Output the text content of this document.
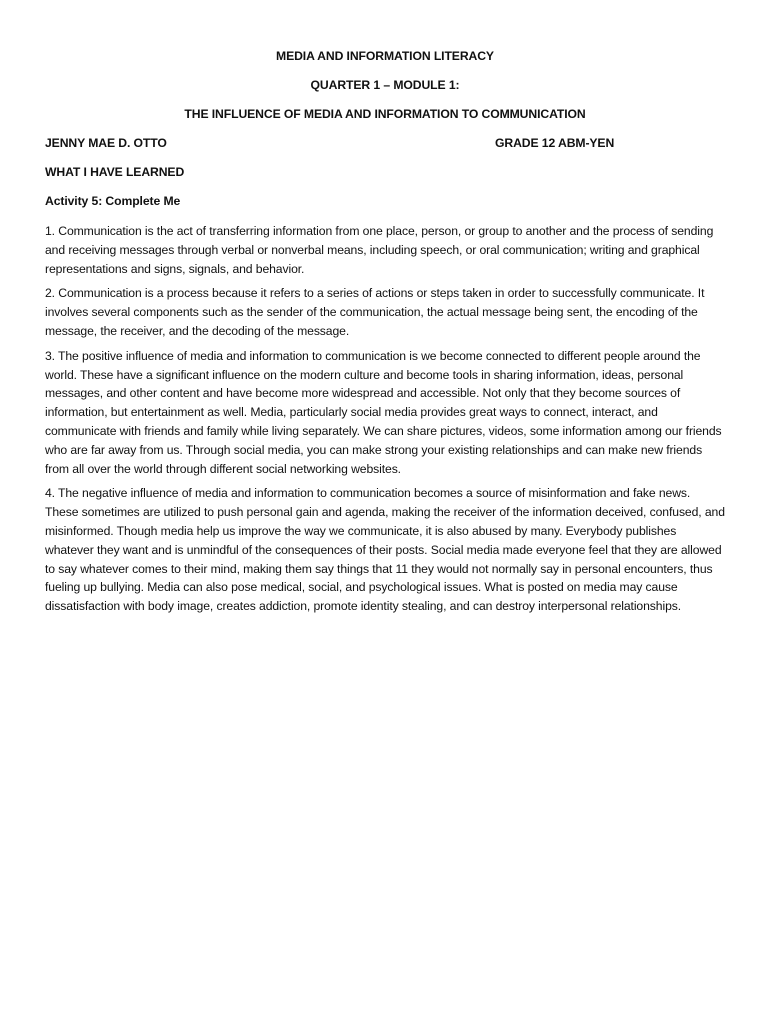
MEDIA AND INFORMATION LITERACY

QUARTER 1 – MODULE 1:

THE INFLUENCE OF MEDIA AND INFORMATION TO COMMUNICATION

JENNY MAE D. OTTO	GRADE 12 ABM-YEN

WHAT I HAVE LEARNED

Activity 5: Complete Me

1. Communication is the act of transferring information from one place, person, or group to another and the process of sending and receiving messages through verbal or nonverbal means, including speech, or oral communication; writing and graphical representations and signs, signals, and behavior.

2. Communication is a process because it refers to a series of actions or steps taken in order to successfully communicate. It involves several components such as the sender of the communication, the actual message being sent, the encoding of the message, the receiver, and the decoding of the message.

3. The positive influence of media and information to communication is we become connected to different people around the world. These have a significant influence on the modern culture and become tools in sharing information, ideas, personal messages, and other content and have become more widespread and accessible. Not only that they become sources of information, but entertainment as well. Media, particularly social media provides great ways to connect, interact, and communicate with friends and family while living separately. We can share pictures, videos, some information among our friends who are far away from us. Through social media, you can make strong your existing relationships and can make new friends from all over the world through different social networking websites.

4. The negative influence of media and information to communication becomes a source of misinformation and fake news. These sometimes are utilized to push personal gain and agenda, making the receiver of the information deceived, confused, and misinformed. Though media help us improve the way we communicate, it is also abused by many. Everybody publishes whatever they want and is unmindful of the consequences of their posts. Social media made everyone feel that they are allowed to say whatever comes to their mind, making them say things that 11 they would not normally say in personal encounters, thus fueling up bullying. Media can also pose medical, social, and psychological issues. What is posted on media may cause dissatisfaction with body image, creates addiction, promote identity stealing, and can destroy interpersonal relationships.
